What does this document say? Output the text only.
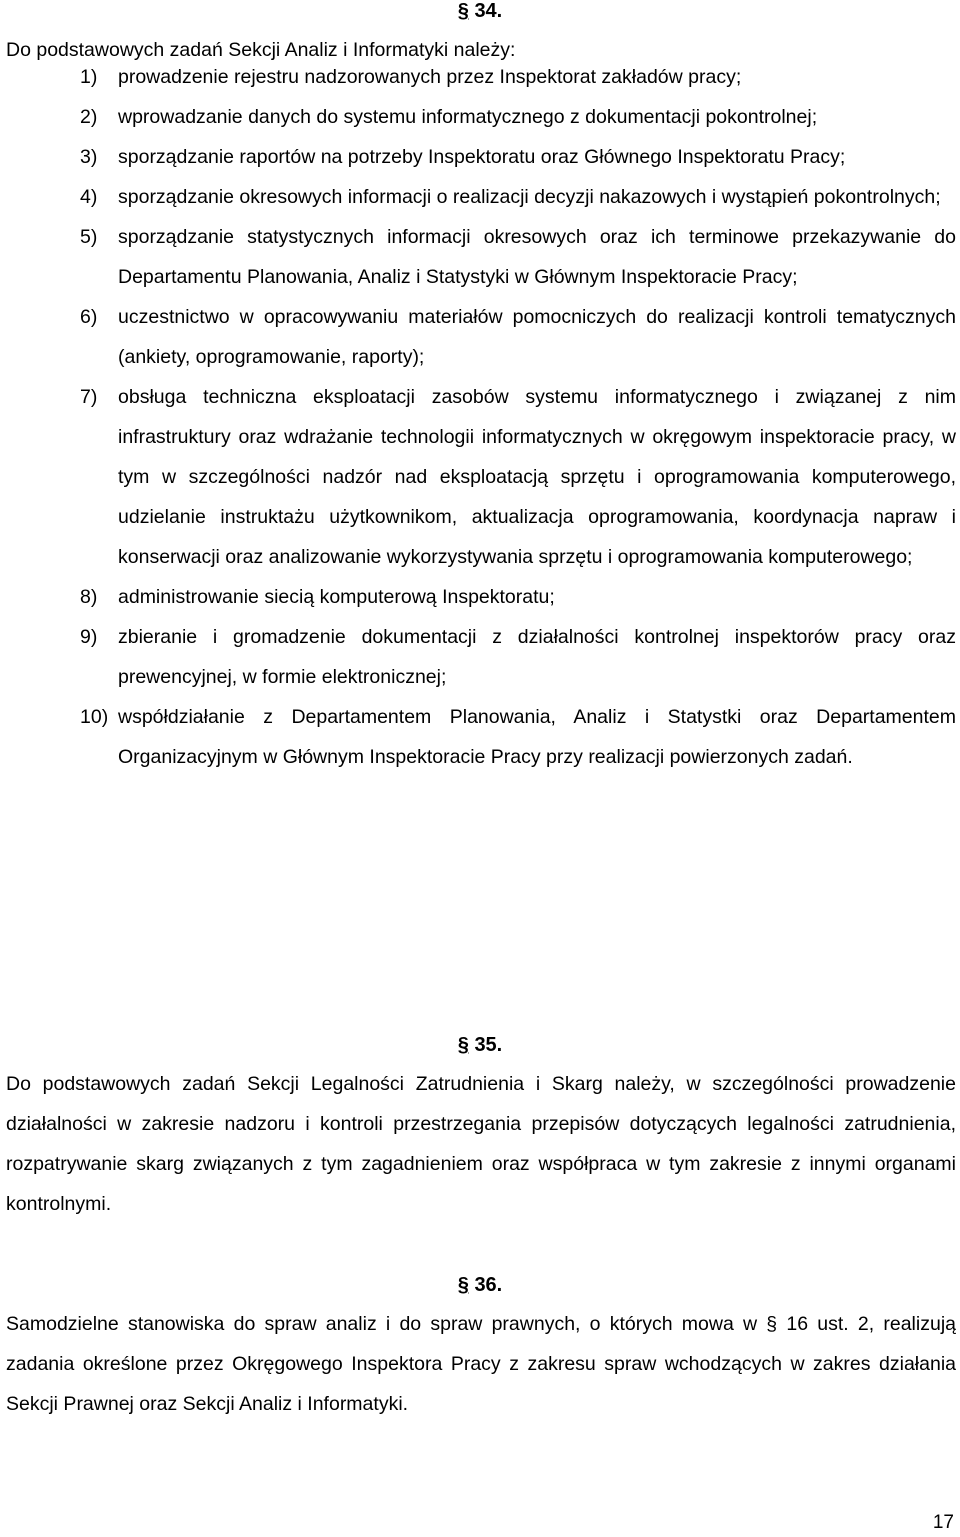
§ 34.
Do podstawowych zadań Sekcji Analiz i Informatyki należy:
1) prowadzenie rejestru nadzorowanych przez Inspektorat zakładów pracy;
2) wprowadzanie danych do systemu informatycznego z dokumentacji pokontrolnej;
3) sporządzanie raportów na potrzeby Inspektoratu oraz Głównego Inspektoratu Pracy;
4) sporządzanie okresowych informacji o realizacji decyzji nakazowych i wystąpień pokontrolnych;
5) sporządzanie statystycznych informacji okresowych oraz ich terminowe przekazywanie do Departamentu Planowania, Analiz i Statystyki w Głównym Inspektoracie Pracy;
6) uczestnictwo w opracowywaniu materiałów pomocniczych do realizacji kontroli tematycznych (ankiety, oprogramowanie, raporty);
7) obsługa techniczna eksploatacji zasobów systemu informatycznego i związanej z nim infrastruktury oraz wdrażanie technologii informatycznych w okręgowym inspektoracie pracy, w tym w szczególności nadzór nad eksploatacją sprzętu i oprogramowania komputerowego, udzielanie instruktażu użytkownikom, aktualizacja oprogramowania, koordynacja napraw i konserwacji oraz analizowanie wykorzystywania sprzętu i oprogramowania komputerowego;
8) administrowanie siecią komputerową Inspektoratu;
9) zbieranie i gromadzenie dokumentacji z działalności kontrolnej inspektorów pracy oraz prewencyjnej, w formie elektronicznej;
10) współdziałanie z Departamentem Planowania, Analiz i Statystki oraz Departamentem Organizacyjnym w Głównym Inspektoracie Pracy przy realizacji powierzonych zadań.
§ 35.
Do podstawowych zadań Sekcji Legalności Zatrudnienia i Skarg należy, w szczególności prowadzenie działalności w zakresie nadzoru i kontroli przestrzegania przepisów dotyczących legalności zatrudnienia, rozpatrywanie skarg związanych z tym zagadnieniem oraz współpraca w tym zakresie z innymi organami kontrolnymi.
§ 36.
Samodzielne stanowiska do spraw analiz i do spraw prawnych, o których mowa w § 16 ust. 2, realizują zadania określone przez Okręgowego Inspektora Pracy z zakresu spraw wchodzących w zakres działania Sekcji Prawnej oraz Sekcji Analiz i Informatyki.
17
